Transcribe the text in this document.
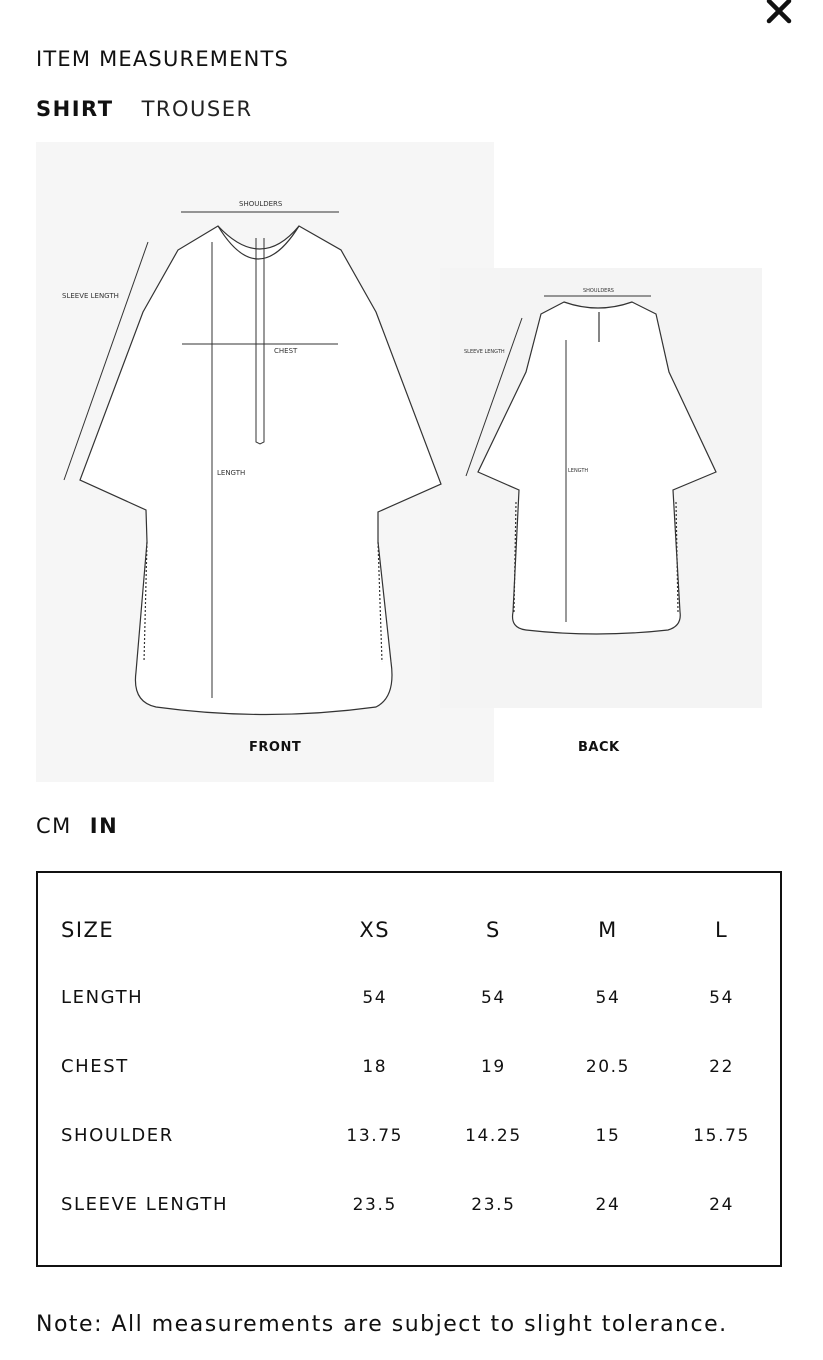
ITEM MEASUREMENTS
SHIRT TROUSER
SHOULDERS
SLEEVE LENGTH
CHEST
LENGTH
SHOULDERS
SLEEVE LENGTH
LENGTH
FRONT	BACK
CM IN
SIZE	XS	S	M	L
LENGTH	54	54	54	54
CHEST	18	19	20.5	22
SHOULDER	13.75	14.25	15	15.75
SLEEVE LENGTH	23.5	23.5	24	24
Note: All measurements are subject to slight tolerance.
